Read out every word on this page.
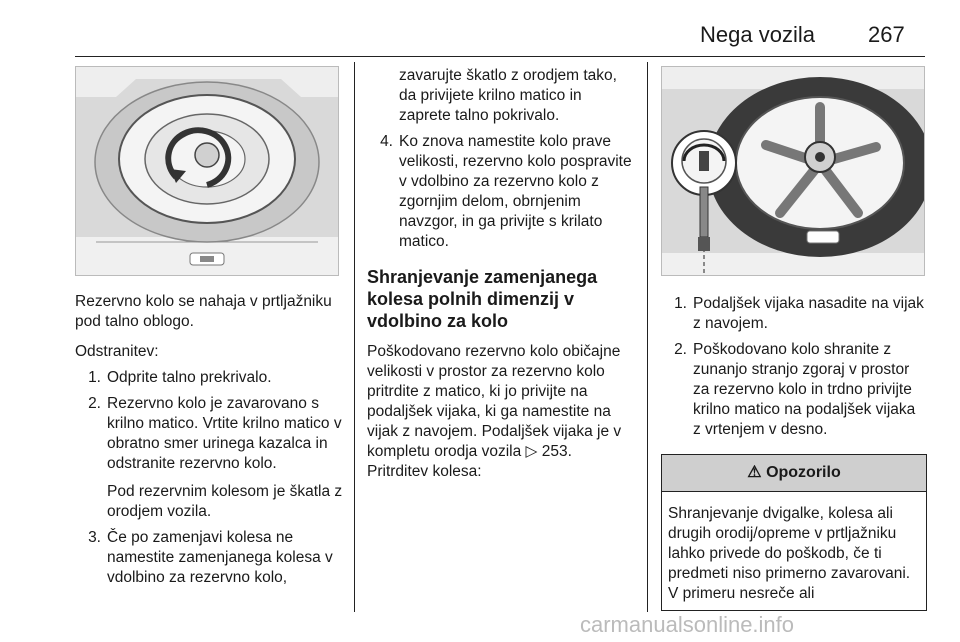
Nega vozila 267

Rezervno kolo se nahaja v prtljažniku pod talno oblogo.

Odstranitev:

1. Odprite talno prekrivalo.
2. Rezervno kolo je zavarovano s krilno matico. Vrtite krilno matico v obratno smer urinega kazalca in odstranite rezervno kolo.
Pod rezervnim kolesom je škatla z orodjem vozila.
3. Če po zamenjavi kolesa ne namestite zamenjanega kolesa v vdolbino za rezervno kolo,
zavarujte škatlo z orodjem tako, da privijete krilno matico in zaprete talno pokrivalo.
4. Ko znova namestite kolo prave velikosti, rezervno kolo pospravite v vdolbino za rezervno kolo z zgornjim delom, obrnjenim navzgor, in ga privijte s krilato matico.
Shranjevanje zamenjanega kolesa polnih dimenzij v vdolbino za kolo

Poškodovano rezervno kolo običajne velikosti v prostor za rezervno kolo pritrdite z matico, ki jo privijte na podaljšek vijaka, ki ga namestite na vijak z navojem. Podaljšek vijaka je v kompletu orodja vozila ▷ 253.

Pritrditev kolesa:

1. Podaljšek vijaka nasadite na vijak z navojem.
2. Poškodovano kolo shranite z zunanjo stranjo zgoraj v prostor za rezervno kolo in trdno privijte krilno matico na podaljšek vijaka z vrtenjem v desno.
⚠ Opozorilo
Shranjevanje dvigalke, kolesa ali drugih orodij/opreme v prtljažniku lahko privede do poškodb, če ti predmeti niso primerno zavarovani. V primeru nesreče ali
carmanualsonline.info
